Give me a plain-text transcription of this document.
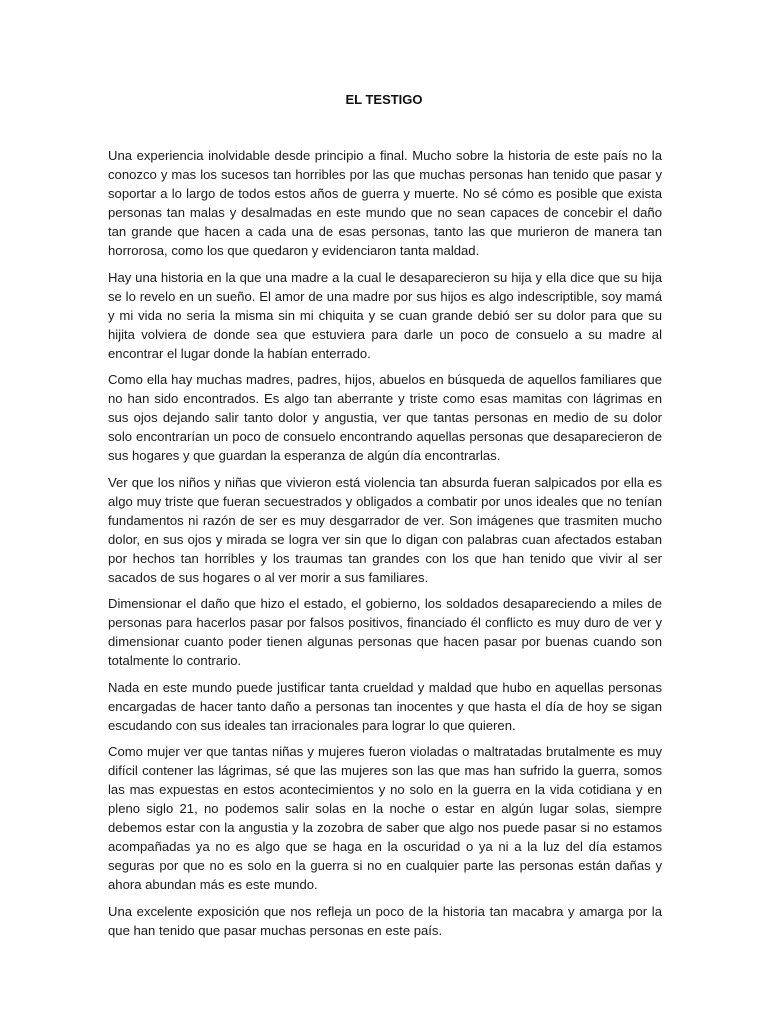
EL TESTIGO

Una experiencia inolvidable desde principio a final. Mucho sobre la historia de este país no la conozco y mas los sucesos tan horribles por las que muchas personas han tenido que pasar y soportar a lo largo de todos estos años de guerra y muerte. No sé cómo es posible que exista personas tan malas y desalmadas en este mundo que no sean capaces de concebir el daño tan grande que hacen a cada una de esas personas, tanto las que murieron de manera tan horrorosa, como los que quedaron y evidenciaron tanta maldad.

Hay una historia en la que una madre a la cual le desaparecieron su hija y ella dice que su hija se lo revelo en un sueño. El amor de una madre por sus hijos es algo indescriptible, soy mamá y mi vida no seria la misma sin mi chiquita y se cuan grande debió ser su dolor para que su hijita volviera de donde sea que estuviera para darle un poco de consuelo a su madre al encontrar el lugar donde la habían enterrado.

Como ella hay muchas madres, padres, hijos, abuelos en búsqueda de aquellos familiares que no han sido encontrados. Es algo tan aberrante y triste como esas mamitas con lágrimas en sus ojos dejando salir tanto dolor y angustia, ver que tantas personas en medio de su dolor solo encontrarían un poco de consuelo encontrando aquellas personas que desaparecieron de sus hogares y que guardan la esperanza de algún día encontrarlas.

Ver que los niños y niñas que vivieron está violencia tan absurda fueran salpicados por ella es algo muy triste que fueran secuestrados y obligados a combatir por unos ideales que no tenían fundamentos ni razón de ser es muy desgarrador de ver. Son imágenes que trasmiten mucho dolor, en sus ojos y mirada se logra ver sin que lo digan con palabras cuan afectados estaban por hechos tan horribles y los traumas tan grandes con los que han tenido que vivir al ser sacados de sus hogares o al ver morir a sus familiares.

Dimensionar el daño que hizo el estado, el gobierno, los soldados desapareciendo a miles de personas para hacerlos pasar por falsos positivos, financiado él conflicto es muy duro de ver y dimensionar cuanto poder tienen algunas personas que hacen pasar por buenas cuando son totalmente lo contrario.

Nada en este mundo puede justificar tanta crueldad y maldad que hubo en aquellas personas encargadas de hacer tanto daño a personas tan inocentes y que hasta el día de hoy se sigan escudando con sus ideales tan irracionales para lograr lo que quieren.

Como mujer ver que tantas niñas y mujeres fueron violadas o maltratadas brutalmente es muy difícil contener las lágrimas, sé que las mujeres son las que mas han sufrido la guerra, somos las mas expuestas en estos acontecimientos y no solo en la guerra en la vida cotidiana y en pleno siglo 21, no podemos salir solas en la noche o estar en algún lugar solas, siempre debemos estar con la angustia y la zozobra de saber que algo nos puede pasar si no estamos acompañadas ya no es algo que se haga en la oscuridad o ya ni a la luz del día estamos seguras por que no es solo en la guerra si no en cualquier parte las personas están dañas y ahora abundan más es este mundo.

Una excelente exposición que nos refleja un poco de la historia tan macabra y amarga por la que han tenido que pasar muchas personas en este país.
